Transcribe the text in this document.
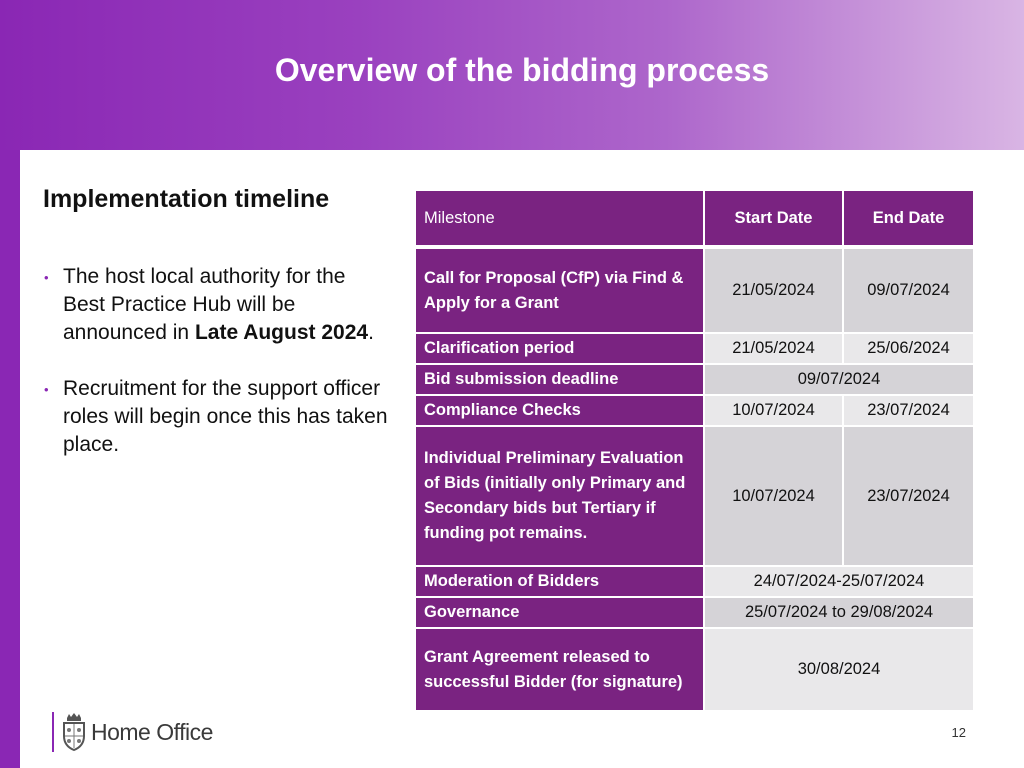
Overview of the bidding process
Implementation timeline
• The host local authority for the Best Practice Hub will be announced in Late August 2024.
• Recruitment for the support officer roles will begin once this has taken place.
Milestone	Start Date	End Date
Call for Proposal (CfP) via Find & Apply for a Grant	21/05/2024	09/07/2024
Clarification period	21/05/2024	25/06/2024
Bid submission deadline	09/07/2024	
Compliance Checks	10/07/2024	23/07/2024
Individual Preliminary Evaluation of Bids (initially only Primary and Secondary bids but Tertiary if funding pot remains.	10/07/2024	23/07/2024
Moderation of Bidders	24/07/2024-25/07/2024	
Governance	25/07/2024 to 29/08/2024	
Grant Agreement released to successful Bidder (for signature)	30/08/2024	
Home Office	12
